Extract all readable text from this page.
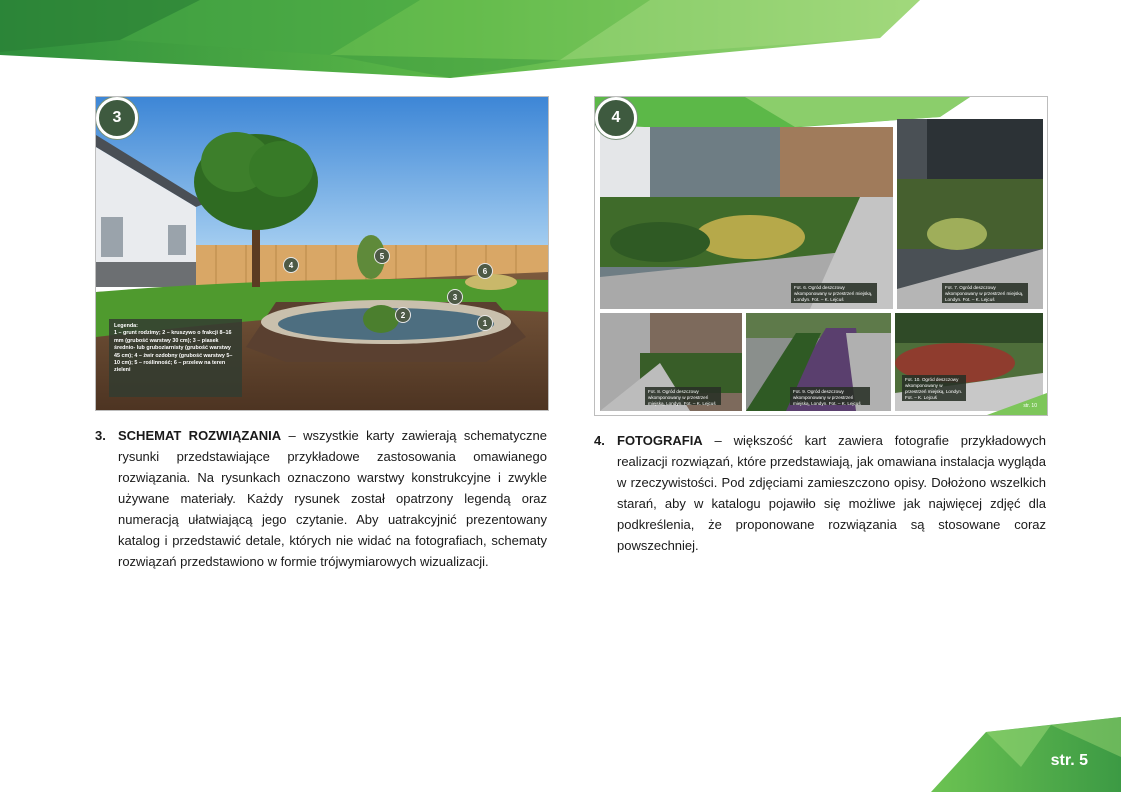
3
1
2
3
4
5
6
Legenda:
1 – grunt rodzimy; 2 – kruszywo o frakcji 8–16 mm (grubość warstwy 30 cm); 3 – piasek średnio- lub gruboziarnisty (grubość warstwy 45 cm); 4 – żwir ozdobny (grubość warstwy 5–10 cm); 5 – roślinność; 6 – przelew na teren zieleni
Fot. 6. Ogród deszczowy wkomponowany w przestrzeń miejską, Londyn. Fot. – K. Lejcuś
Fot. 7. Ogród deszczowy wkomponowany w przestrzeń miejską, Londyn. Fot. – K. Lejcuś
Fot. 8. Ogród deszczowy wkomponowany w przestrzeń miejską, Londyn. Fot. – K. Lejcuś
Fot. 9. Ogród deszczowy wkomponowany w przestrzeń miejską, Londyn. Fot. – K. Lejcuś
Fot. 10. Ogród deszczowy wkomponowany w przestrzeń miejską, Londyn. Fot. – K. Lejcuś
str. 10
4
3. SCHEMAT ROZWIĄZANIA – wszystkie karty zawierają schematyczne rysunki przedstawiające przykładowe zastosowania omawianego rozwiązania. Na rysunkach oznaczono warstwy konstrukcyjne i zwykle używane materiały. Każdy rysunek został opatrzony legendą oraz numeracją ułatwiającą jego czytanie. Aby uatrakcyjnić prezentowany katalog i przedstawić detale, których nie widać na fotografiach, schematy rozwiązań przedstawiono w formie trójwymiarowych wizualizacji.
4. FOTOGRAFIA – większość kart zawiera fotografie przykładowych realizacji rozwiązań, które przedstawiają, jak omawiana instalacja wygląda w rzeczywistości. Pod zdjęciami zamieszczono opisy. Dołożono wszelkich starań, aby w katalogu pojawiło się możliwe jak najwięcej zdjęć dla podkreślenia, że proponowane rozwiązania są stosowane coraz powszechniej.
str. 5
